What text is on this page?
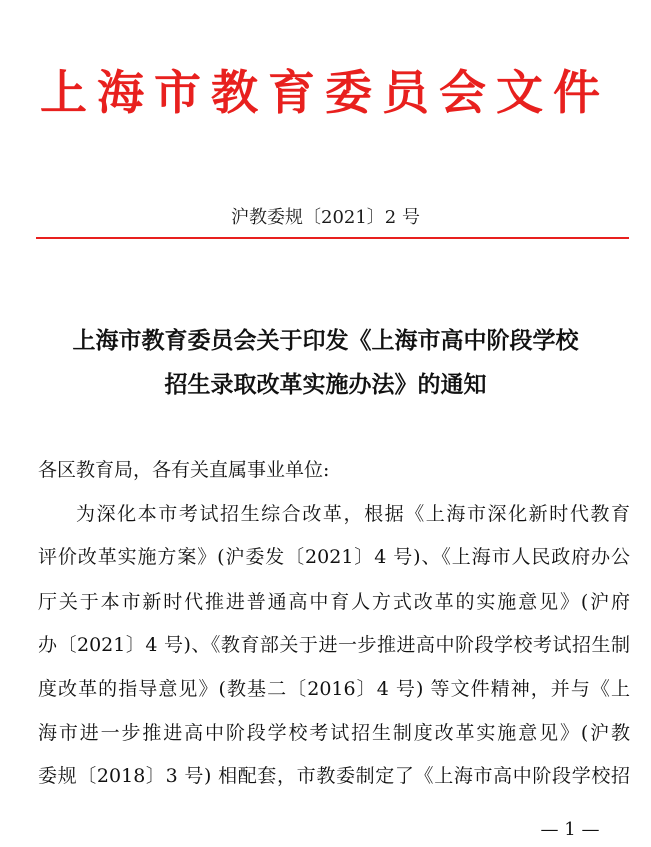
上海市教育委员会文件
沪教委规〔2021〕2 号
上海市教育委员会关于印发《上海市高中阶段学校
招生录取改革实施办法》的通知
各区教育局，各有关直属事业单位:
为深化本市考试招生综合改革，根据《上海市深化新时代教育
评价改革实施方案》(沪委发〔2021〕4 号)、《上海市人民政府办公
厅关于本市新时代推进普通高中育人方式改革的实施意见》(沪府
办〔2021〕4 号)、《教育部关于进一步推进高中阶段学校考试招生制
度改革的指导意见》(教基二〔2016〕4 号) 等文件精神，并与《上
海市进一步推进高中阶段学校考试招生制度改革实施意见》(沪教
委规〔2018〕3 号) 相配套，市教委制定了《上海市高中阶段学校招
— 1 —
